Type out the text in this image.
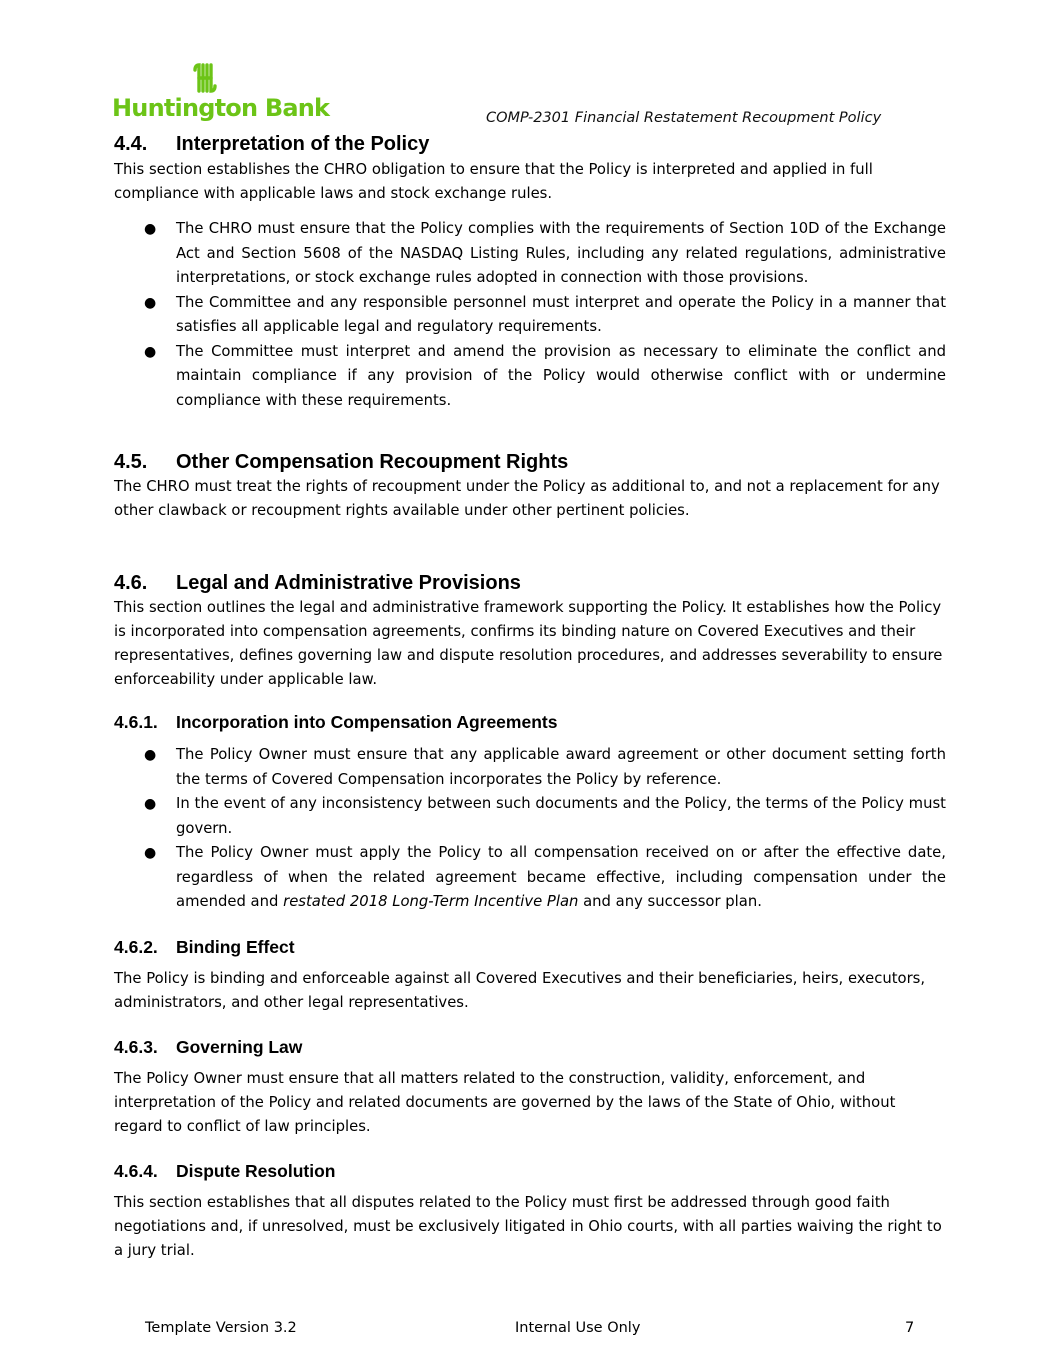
Huntington Bank	COMP-2301 Financial Restatement Recoupment Policy
4.4. Interpretation of the Policy

This section establishes the CHRO obligation to ensure that the Policy is interpreted and applied in full compliance with applicable laws and stock exchange rules.

● The CHRO must ensure that the Policy complies with the requirements of Section 10D of the Exchange Act and Section 5608 of the NASDAQ Listing Rules, including any related regulations, administrative interpretations, or stock exchange rules adopted in connection with those provisions.
● The Committee and any responsible personnel must interpret and operate the Policy in a manner that satisfies all applicable legal and regulatory requirements.
● The Committee must interpret and amend the provision as necessary to eliminate the conflict and maintain compliance if any provision of the Policy would otherwise conflict with or undermine compliance with these requirements.
4.5. Other Compensation Recoupment Rights

The CHRO must treat the rights of recoupment under the Policy as additional to, and not a replacement for any other clawback or recoupment rights available under other pertinent policies.

4.6. Legal and Administrative Provisions

This section outlines the legal and administrative framework supporting the Policy. It establishes how the Policy is incorporated into compensation agreements, confirms its binding nature on Covered Executives and their representatives, defines governing law and dispute resolution procedures, and addresses severability to ensure enforceability under applicable law.

4.6.1. Incorporation into Compensation Agreements
● The Policy Owner must ensure that any applicable award agreement or other document setting forth the terms of Covered Compensation incorporates the Policy by reference.
● In the event of any inconsistency between such documents and the Policy, the terms of the Policy must govern.
● The Policy Owner must apply the Policy to all compensation received on or after the effective date, regardless of when the related agreement became effective, including compensation under the amended and restated 2018 Long-Term Incentive Plan and any successor plan.
4.6.2. Binding Effect

The Policy is binding and enforceable against all Covered Executives and their beneficiaries, heirs, executors, administrators, and other legal representatives.

4.6.3. Governing Law

The Policy Owner must ensure that all matters related to the construction, validity, enforcement, and interpretation of the Policy and related documents are governed by the laws of the State of Ohio, without regard to conflict of law principles.

4.6.4. Dispute Resolution

This section establishes that all disputes related to the Policy must first be addressed through good faith negotiations and, if unresolved, must be exclusively litigated in Ohio courts, with all parties waiving the right to a jury trial.

Template Version 3.2	Internal Use Only	7
